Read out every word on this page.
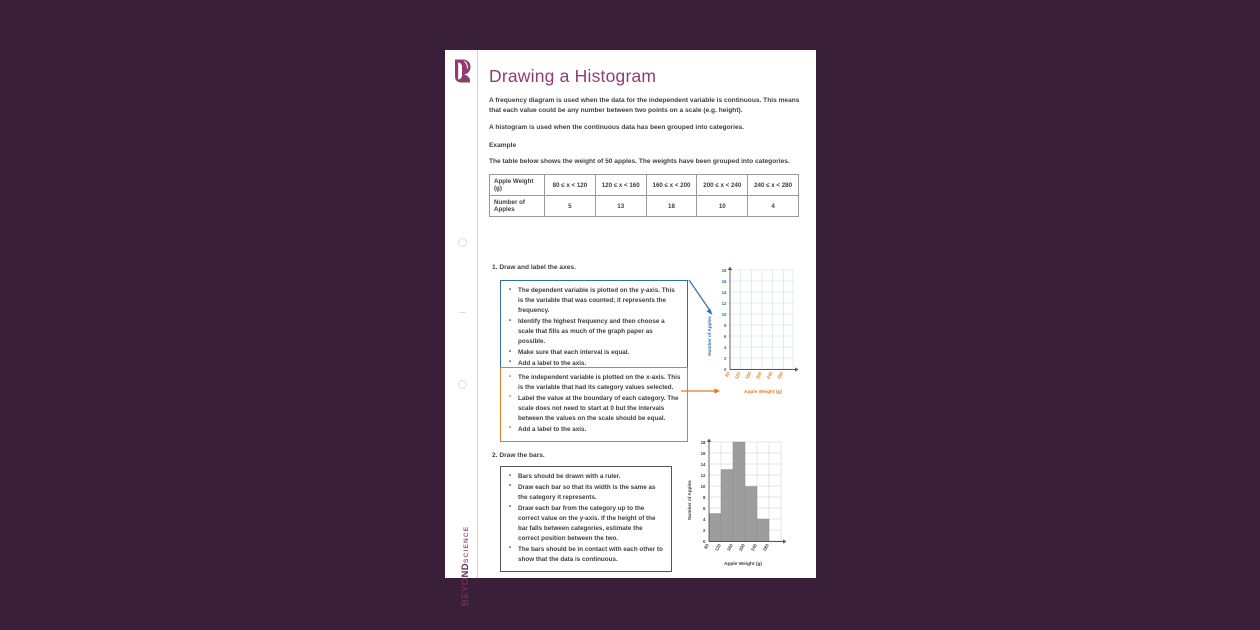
BEYONDSCIENCE
Drawing a Histogram

A frequency diagram is used when the data for the independent variable is continuous. This means that each value could be any number between two points on a scale (e.g. height).

A histogram is used when the continuous data has been grouped into categories.

Example

The table below shows the weight of 50 apples. The weights have been grouped into categories.

Apple Weight (g)	80 ≤ x < 120	120 ≤ x < 160	160 ≤ x < 200	200 ≤ x < 240	240 ≤ x < 280
Number of Apples	5	13	18	10	4

1. Draw and label the axes.

• The dependent variable is plotted on the y-axis. This is the variable that was counted; it represents the frequency.
• Identify the highest frequency and then choose a scale that fills as much of the graph paper as possible.
• Make sure that each interval is equal.
• Add a label to the axis.
• The independent variable is plotted on the x-axis. This is the variable that had its category values selected.
• Label the value at the boundary of each category. The scale does not need to start at 0 but the intervals between the values on the scale should be equal.
• Add a label to the axis.

2. Draw the bars.

• Bars should be drawn with a ruler.
• Draw each bar so that its width is the same as the category it represents.
• Draw each bar from the category up to the correct value on the y-axis. If the height of the bar falls between categories, estimate the correct position between the two.
• The bars should be in contact with each other to show that the data is continuous.
0
2
4
6
8
10
12
14
16
18
80 120 160 200 240 280
Number of Apples
Apple Weight (g)
0
2
4
6
8
10
12
14
16
18
80 120 160 200 240 280
Number of Apples
Apple Weight (g)
